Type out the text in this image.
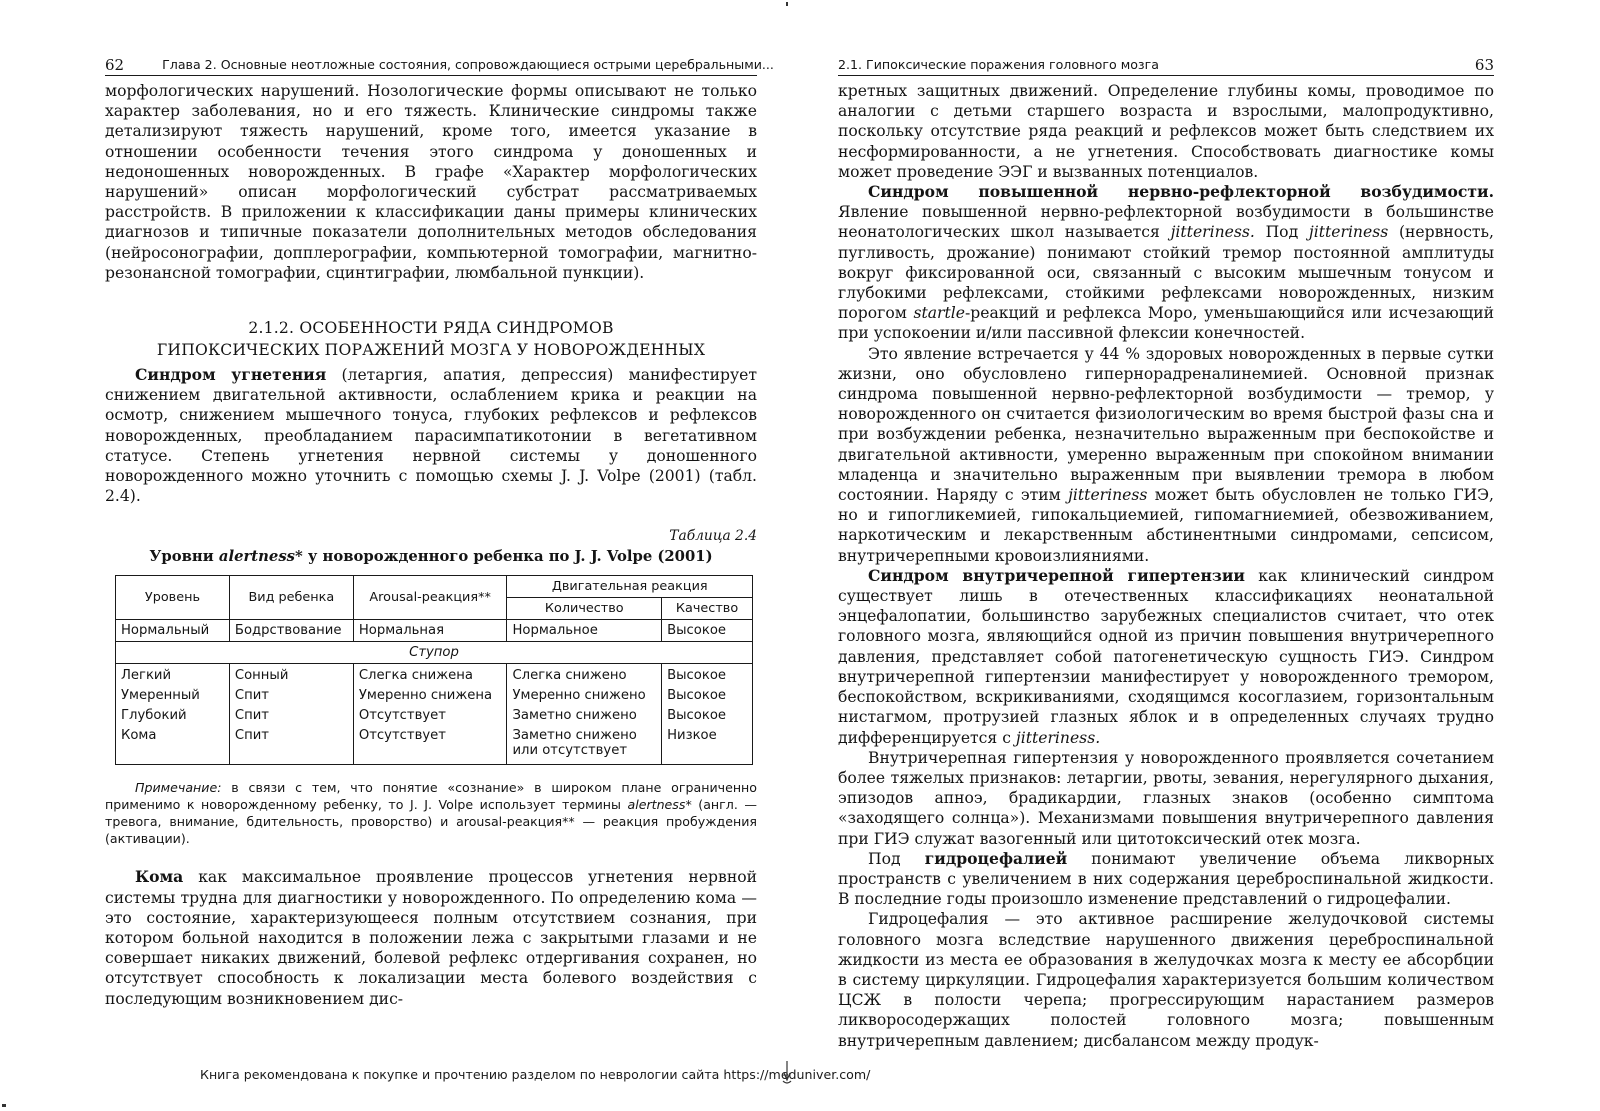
62	Глава 2. Основные неотложные состояния, сопровождающиеся острыми церебральными...

морфологических нарушений. Нозологические формы описывают не только характер заболевания, но и его тяжесть. Клинические синдромы также детализируют тяжесть нарушений, кроме того, имеется указание в отношении особенности течения этого синдрома у доношенных и недоношенных новорожденных. В графе «Характер морфологических нарушений» описан морфологический субстрат рассматриваемых расстройств. В приложении к классификации даны примеры клинических диагнозов и типичные показатели дополнительных методов обследования (нейросонографии, допплерографии, компьютерной томографии, магнитно-резонансной томографии, сцинтиграфии, люмбальной пункции).

2.1.2. ОСОБЕННОСТИ РЯДА СИНДРОМОВ
ГИПОКСИЧЕСКИХ ПОРАЖЕНИЙ МОЗГА У НОВОРОЖДЕННЫХ

Синдром угнетения (летаргия, апатия, депрессия) манифестирует снижением двигательной активности, ослаблением крика и реакции на осмотр, снижением мышечного тонуса, глубоких рефлексов и рефлексов новорожденных, преобладанием парасимпатикотонии в вегетативном статусе. Степень угнетения нервной системы у доношенного новорожденного можно уточнить с помощью схемы J. J. Volpe (2001) (табл. 2.4).

Таблица 2.4
Уровни alertness* у новорожденного ребенка по J. J. Volpe (2001)
Уровень	Вид ребенка	Arousal-реакция**	Двигательная реакция	
			Количество	Качество
Нормальный	Бодрствование	Нормальная	Нормальное	Высокое
Ступор				
Легкий	Сонный	Слегка снижена	Слегка снижено	Высокое
Умеренный	Спит	Умеренно снижена	Умеренно снижено	Высокое
Глубокий	Спит	Отсутствует	Заметно снижено	Высокое
Кома	Спит	Отсутствует	Заметно снижено или отсутствует	Низкое
Примечание: в связи с тем, что понятие «сознание» в широком плане ограниченно применимо к новорожденному ребенку, то J. J. Volpe использует термины alertness* (англ. — тревога, внимание, бдительность, проворство) и arousal-реакция** — реакция пробуждения (активации).

Кома как максимальное проявление процессов угнетения нервной системы трудна для диагностики у новорожденного. По определению кома — это состояние, характеризующееся полным отсутствием сознания, при котором больной находится в положении лежа с закрытыми глазами и не совершает никаких движений, болевой рефлекс отдергивания сохранен, но отсутствует способность к локализации места болевого воздействия с последующим возникновением дис-

2.1. Гипоксические поражения головного мозга	63

кретных защитных движений. Определение глубины комы, проводимое по аналогии с детьми старшего возраста и взрослыми, малопродуктивно, поскольку отсутствие ряда реакций и рефлексов может быть следствием их несформированности, а не угнетения. Способствовать диагностике комы может проведение ЭЭГ и вызванных потенциалов.

Синдром повышенной нервно-рефлекторной возбудимости. Явление повышенной нервно-рефлекторной возбудимости в большинстве неонатологических школ называется jitteriness. Под jitteriness (нервность, пугливость, дрожание) понимают стойкий тремор постоянной амплитуды вокруг фиксированной оси, связанный с высоким мышечным тонусом и глубокими рефлексами, стойкими рефлексами новорожденных, низким порогом startle-реакций и рефлекса Моро, уменьшающийся или исчезающий при успокоении и/или пассивной флексии конечностей.

Это явление встречается у 44 % здоровых новорожденных в первые сутки жизни, оно обусловлено гипернорадреналинемией. Основной признак синдрома повышенной нервно-рефлекторной возбудимости — тремор, у новорожденного он считается физиологическим во время быстрой фазы сна и при возбуждении ребенка, незначительно выраженным при беспокойстве и двигательной активности, умеренно выраженным при спокойном внимании младенца и значительно выраженным при выявлении тремора в любом состоянии. Наряду с этим jitteriness может быть обусловлен не только ГИЭ, но и гипогликемией, гипокальциемией, гипомагниемией, обезвоживанием, наркотическим и лекарственным абстинентными синдромами, сепсисом, внутричерепными кровоизлияниями.

Синдром внутричерепной гипертензии как клинический синдром существует лишь в отечественных классификациях неонатальной энцефалопатии, большинство зарубежных специалистов считает, что отек головного мозга, являющийся одной из причин повышения внутричерепного давления, представляет собой патогенетическую сущность ГИЭ. Синдром внутричерепной гипертензии манифестирует у новорожденного тремором, беспокойством, вскрикиваниями, сходящимся косоглазием, горизонтальным нистагмом, протрузией глазных яблок и в определенных случаях трудно дифференцируется с jitteriness.

Внутричерепная гипертензия у новорожденного проявляется сочетанием более тяжелых признаков: летаргии, рвоты, зевания, нерегулярного дыхания, эпизодов апноэ, брадикардии, глазных знаков (особенно симптома «заходящего солнца»). Механизмами повышения внутричерепного давления при ГИЭ служат вазогенный или цитотоксический отек мозга.

Под гидроцефалией понимают увеличение объема ликворных пространств с увеличением в них содержания цереброспинальной жидкости. В последние годы произошло изменение представлений о гидроцефалии.

Гидроцефалия — это активное расширение желудочковой системы головного мозга вследствие нарушенного движения цереброспинальной жидкости из места ее образования в желудочках мозга к месту ее абсорбции в систему циркуляции. Гидроцефалия характеризуется большим количеством ЦСЖ в полости черепа; прогрессирующим нарастанием размеров ликворосодержащих полостей головного мозга; повышенным внутричерепным давлением; дисбалансом между продук-

Книга рекомендована к покупке и прочтению разделом по неврологии сайта https://meduniver.com/
